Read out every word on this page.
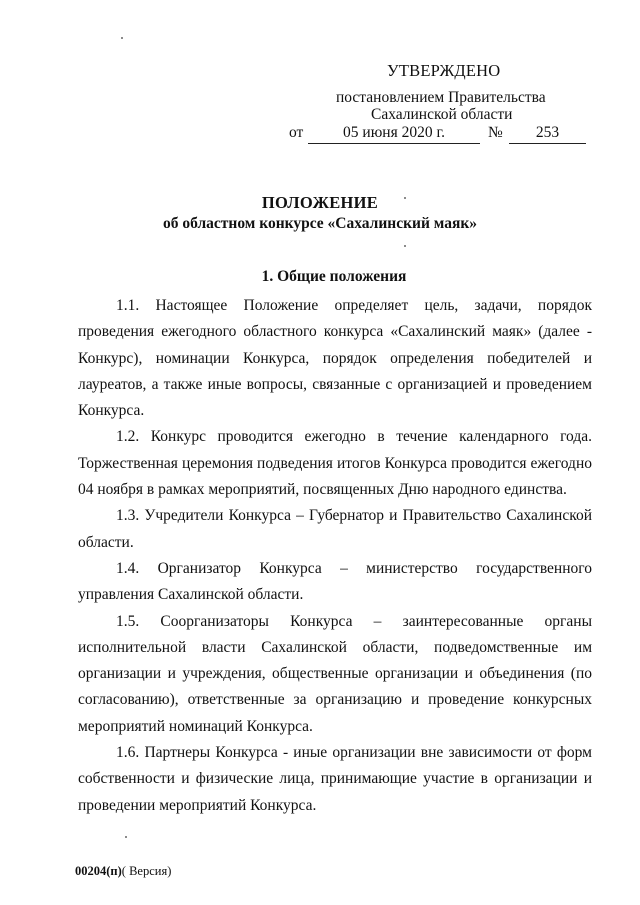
УТВЕРЖДЕНО
постановлением Правительства
Сахалинской области
от	05 июня 2020 г.	№	253
ПОЛОЖЕНИЕ
об областном конкурсе «Сахалинский маяк»
1. Общие положения

1.1. Настоящее Положение определяет цель, задачи, порядок проведения ежегодного областного конкурса «Сахалинский маяк» (далее - Конкурс), номинации Конкурса, порядок определения победителей и лауреатов, а также иные вопросы, связанные с организацией и проведением Конкурса.

1.2. Конкурс проводится ежегодно в течение календарного года. Торжественная церемония подведения итогов Конкурса проводится ежегодно 04 ноября в рамках мероприятий, посвященных Дню народного единства.

1.3. Учредители Конкурса – Губернатор и Правительство Сахалинской области.

1.4. Организатор Конкурса – министерство государственного управления Сахалинской области.

1.5. Соорганизаторы Конкурса – заинтересованные органы исполнительной власти Сахалинской области, подведомственные им организации и учреждения, общественные организации и объединения (по согласованию), ответственные за организацию и проведение конкурсных мероприятий номинаций Конкурса.

1.6. Партнеры Конкурса - иные организации вне зависимости от форм собственности и физические лица, принимающие участие в организации и проведении мероприятий Конкурса.

00204(п)( Версия)
